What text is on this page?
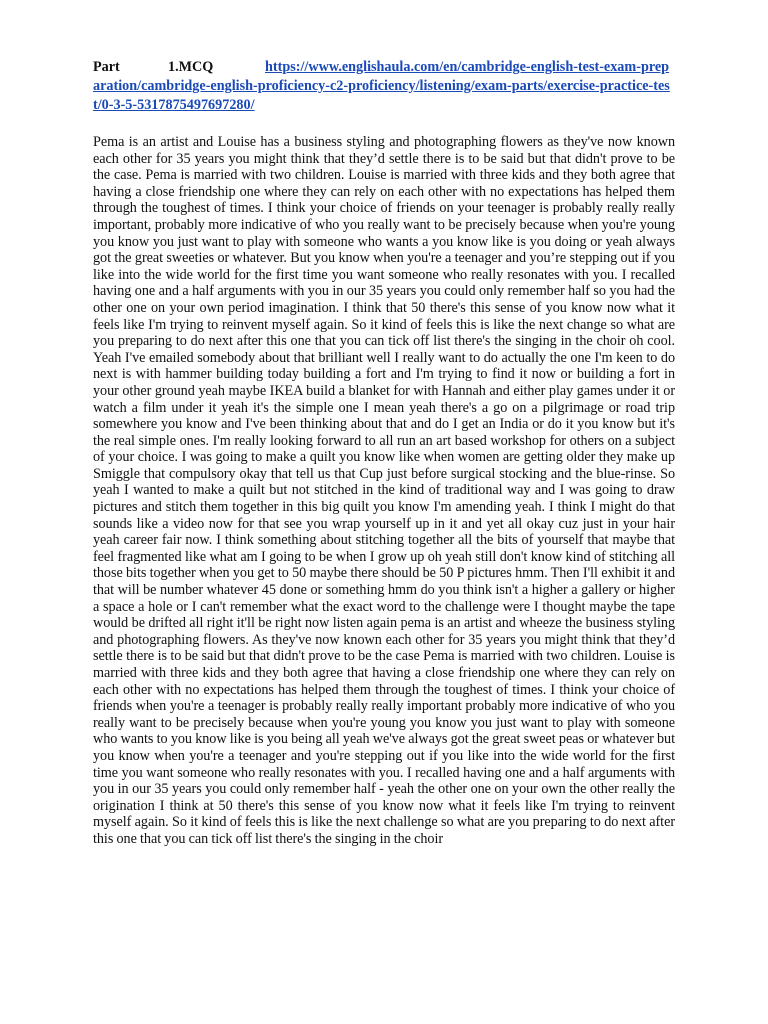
Part	1.MCQ	https://www.englishaula.com/en/cambridge-english-test-exam-preparation/cambridge-english-proficiency-c2-proficiency/listening/exam-parts/exercise-practice-test/0-3-5-5317875497697280/

Pema is an artist and Louise has a business styling and photographing flowers as they've now known each other for 35 years you might think that they’d settle there is to be said but that didn't prove to be the case. Pema is married with two children. Louise is married with three kids and they both agree that having a close friendship one where they can rely on each other with no expectations has helped them through the toughest of times. I think your choice of friends on your teenager is probably really really important, probably more indicative of who you really want to be precisely because when you're young you know you just want to play with someone who wants a you know like is you doing or yeah always got the great sweeties or whatever. But you know when you're a teenager and you’re stepping out if you like into the wide world for the first time you want someone who really resonates with you. I recalled having one and a half arguments with you in our 35 years you could only remember half so you had the other one on your own period imagination. I think that 50 there's this sense of you know now what it feels like I'm trying to reinvent myself again. So it kind of feels this is like the next change so what are you preparing to do next after this one that you can tick off list there's the singing in the choir oh cool. Yeah I've emailed somebody about that brilliant well I really want to do actually the one I'm keen to do next is with hammer building today building a fort and I'm trying to find it now or building a fort in your other ground yeah maybe IKEA build a blanket for with Hannah and either play games under it or watch a film under it yeah it's the simple one I mean yeah there's a go on a pilgrimage or road trip somewhere you know and I've been thinking about that and do I get an India or do it you know but it's the real simple ones. I'm really looking forward to all run an art based workshop for others on a subject of your choice. I was going to make a quilt you know like when women are getting older they make up Smiggle that compulsory okay that tell us that Cup just before surgical stocking and the blue-rinse. So yeah I wanted to make a quilt but not stitched in the kind of traditional way and I was going to draw pictures and stitch them together in this big quilt you know I'm amending yeah. I think I might do that sounds like a video now for that see you wrap yourself up in it and yet all okay cuz just in your hair yeah career fair now. I think something about stitching together all the bits of yourself that maybe that feel fragmented like what am I going to be when I grow up oh yeah still don't know kind of stitching all those bits together when you get to 50 maybe there should be 50 P pictures hmm. Then I'll exhibit it and that will be number whatever 45 done or something hmm do you think isn't a higher a gallery or higher a space a hole or I can't remember what the exact word to the challenge were I thought maybe the tape would be drifted all right it'll be right now listen again pema is an artist and wheeze the business styling and photographing flowers. As they've now known each other for 35 years you might think that they’d settle there is to be said but that didn't prove to be the case Pema is married with two children. Louise is married with three kids and they both agree that having a close friendship one where they can rely on each other with no expectations has helped them through the toughest of times. I think your choice of friends when you're a teenager is probably really really important probably more indicative of who you really want to be precisely because when you're young you know you just want to play with someone who wants to you know like is you being all yeah we've always got the great sweet peas or whatever but you know when you're a teenager and you're stepping out if you like into the wide world for the first time you want someone who really resonates with you. I recalled having one and a half arguments with you in our 35 years you could only remember half - yeah the other one on your own the other really the origination I think at 50 there's this sense of you know now what it feels like I'm trying to reinvent myself again. So it kind of feels this is like the next challenge so what are you preparing to do next after this one that you can tick off list there's the singing in the choir
